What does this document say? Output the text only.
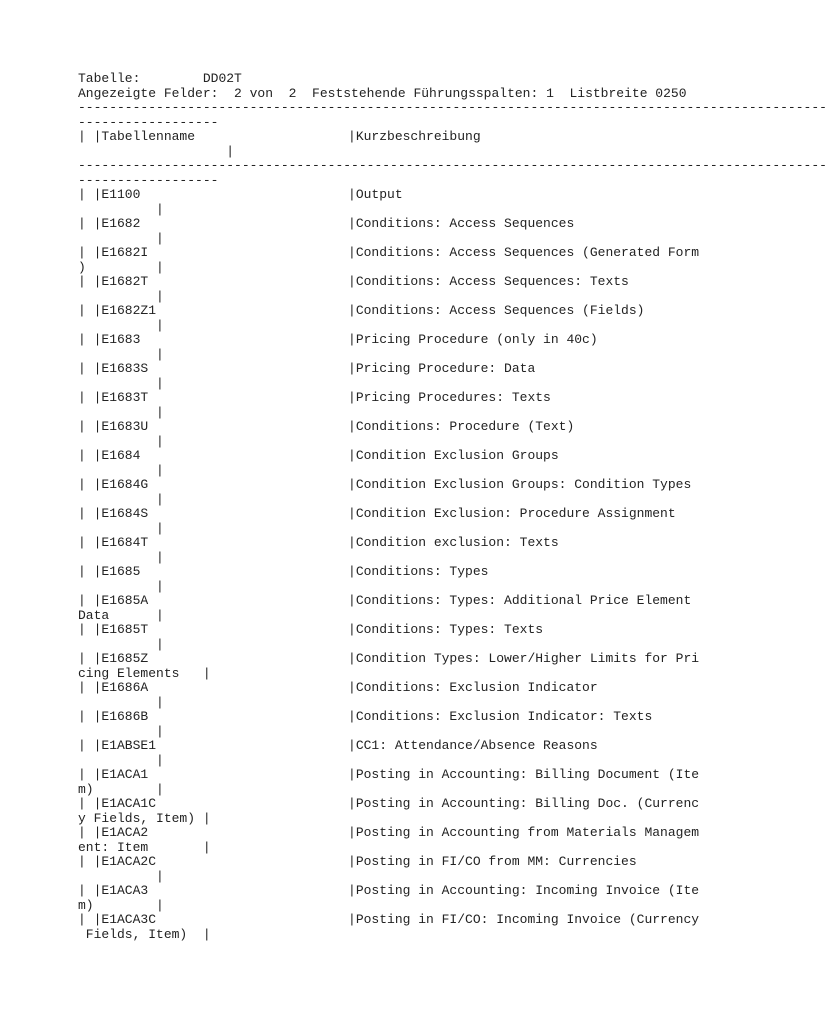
Tabelle:	DD02T
Angezeigte Felder:  2 von  2  Feststehende Führungsspalten: 1  Listbreite 0250
------------------------------------------------------------------------------------------------
------------------
| |Tabellenname	|Kurzbeschreibung
|
------------------------------------------------------------------------------------------------
------------------
| |E1100	|Output
|
| |E1682	|Conditions: Access Sequences
|
| |E1682I	|Conditions: Access Sequences (Generated Form
)         |
| |E1682T	|Conditions: Access Sequences: Texts
|
| |E1682Z1	|Conditions: Access Sequences (Fields)
|
| |E1683	|Pricing Procedure (only in 40c)
|
| |E1683S	|Pricing Procedure: Data
|
| |E1683T	|Pricing Procedures: Texts
|
| |E1683U	|Conditions: Procedure (Text)
|
| |E1684	|Condition Exclusion Groups
|
| |E1684G	|Condition Exclusion Groups: Condition Types
|
| |E1684S	|Condition Exclusion: Procedure Assignment
|
| |E1684T	|Condition exclusion: Texts
|
| |E1685	|Conditions: Types
|
| |E1685A	|Conditions: Types: Additional Price Element
Data      |
| |E1685T	|Conditions: Types: Texts
|
| |E1685Z	|Condition Types: Lower/Higher Limits for Pri
cing Elements   |
| |E1686A	|Conditions: Exclusion Indicator
|
| |E1686B	|Conditions: Exclusion Indicator: Texts
|
| |E1ABSE1	|CC1: Attendance/Absence Reasons
|
| |E1ACA1	|Posting in Accounting: Billing Document (Ite
m)        |
| |E1ACA1C	|Posting in Accounting: Billing Doc. (Currenc
y Fields, Item) |
| |E1ACA2	|Posting in Accounting from Materials Managem
ent: Item       |
| |E1ACA2C	|Posting in FI/CO from MM: Currencies
|
| |E1ACA3	|Posting in Accounting: Incoming Invoice (Ite
m)        |
| |E1ACA3C	|Posting in FI/CO: Incoming Invoice (Currency
Fields, Item)  |
